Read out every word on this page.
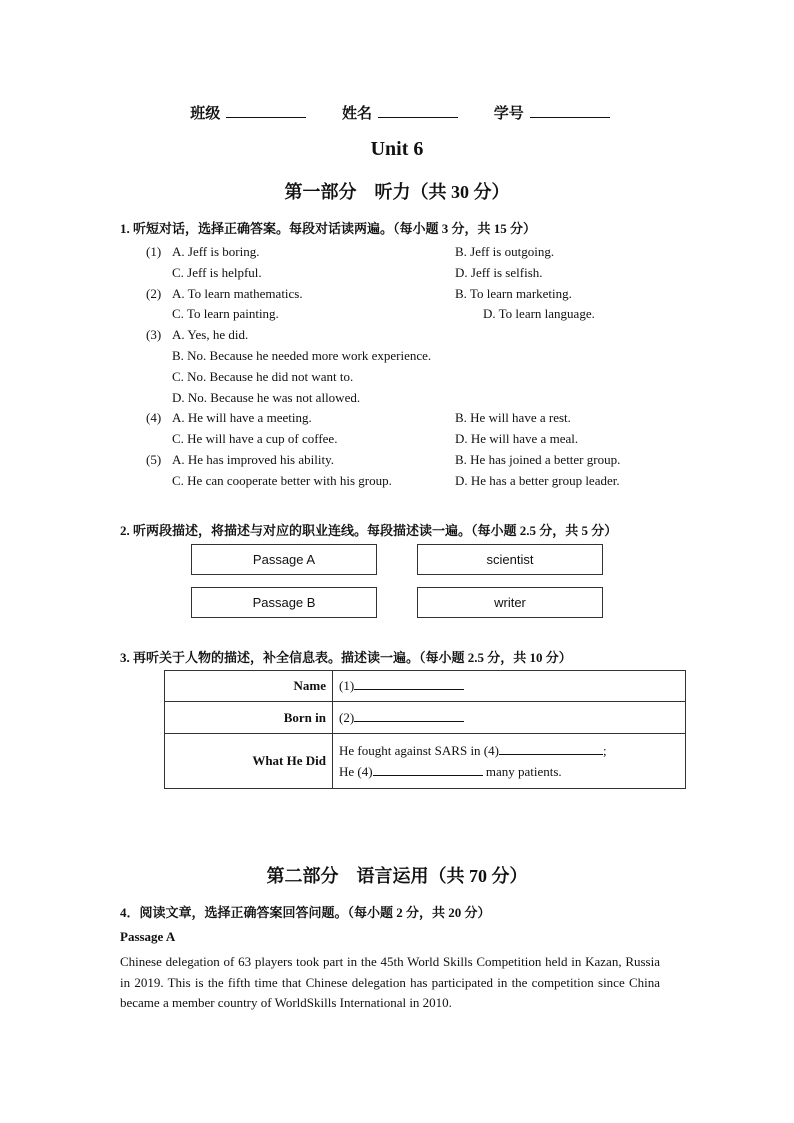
班级	姓名	学号
Unit 6
第一部分　听力（共 30 分）
1. 听短对话，选择正确答案。每段对话读两遍。（每小题 3 分，共 15 分）
(1) A. Jeff is boring.	B. Jeff is outgoing.
C. Jeff is helpful.	D. Jeff is selfish.
(2) A. To learn mathematics.	B. To learn marketing.
C. To learn painting.	D. To learn language.
(3) A. Yes, he did.
B. No. Because he needed more work experience.
C. No. Because he did not want to.
D. No. Because he was not allowed.
(4) A. He will have a meeting.	B. He will have a rest.
C. He will have a cup of coffee.	D. He will have a meal.
(5) A. He has improved his ability.	B. He has joined a better group.
C. He can cooperate better with his group.	D. He has a better group leader.
2. 听两段描述，将描述与对应的职业连线。每段描述读一遍。（每小题 2.5 分，共 5 分）
Passage A	scientist
Passage B	writer
3. 再听关于人物的描述，补全信息表。描述读一遍。（每小题 2.5 分，共 10 分）
Name	(1)
Born in	(2)
What He Did	He fought against SARS in (4) ;
He (4) many patients.
第二部分　语言运用（共 70 分）
4．阅读文章，选择正确答案回答问题。（每小题 2 分，共 20 分）
Passage A
Chinese delegation of 63 players took part in the 45th World Skills Competition held in Kazan, Russia in 2019. This is the fifth time that Chinese delegation has participated in the competition since China became a member country of WorldSkills International in 2010.
